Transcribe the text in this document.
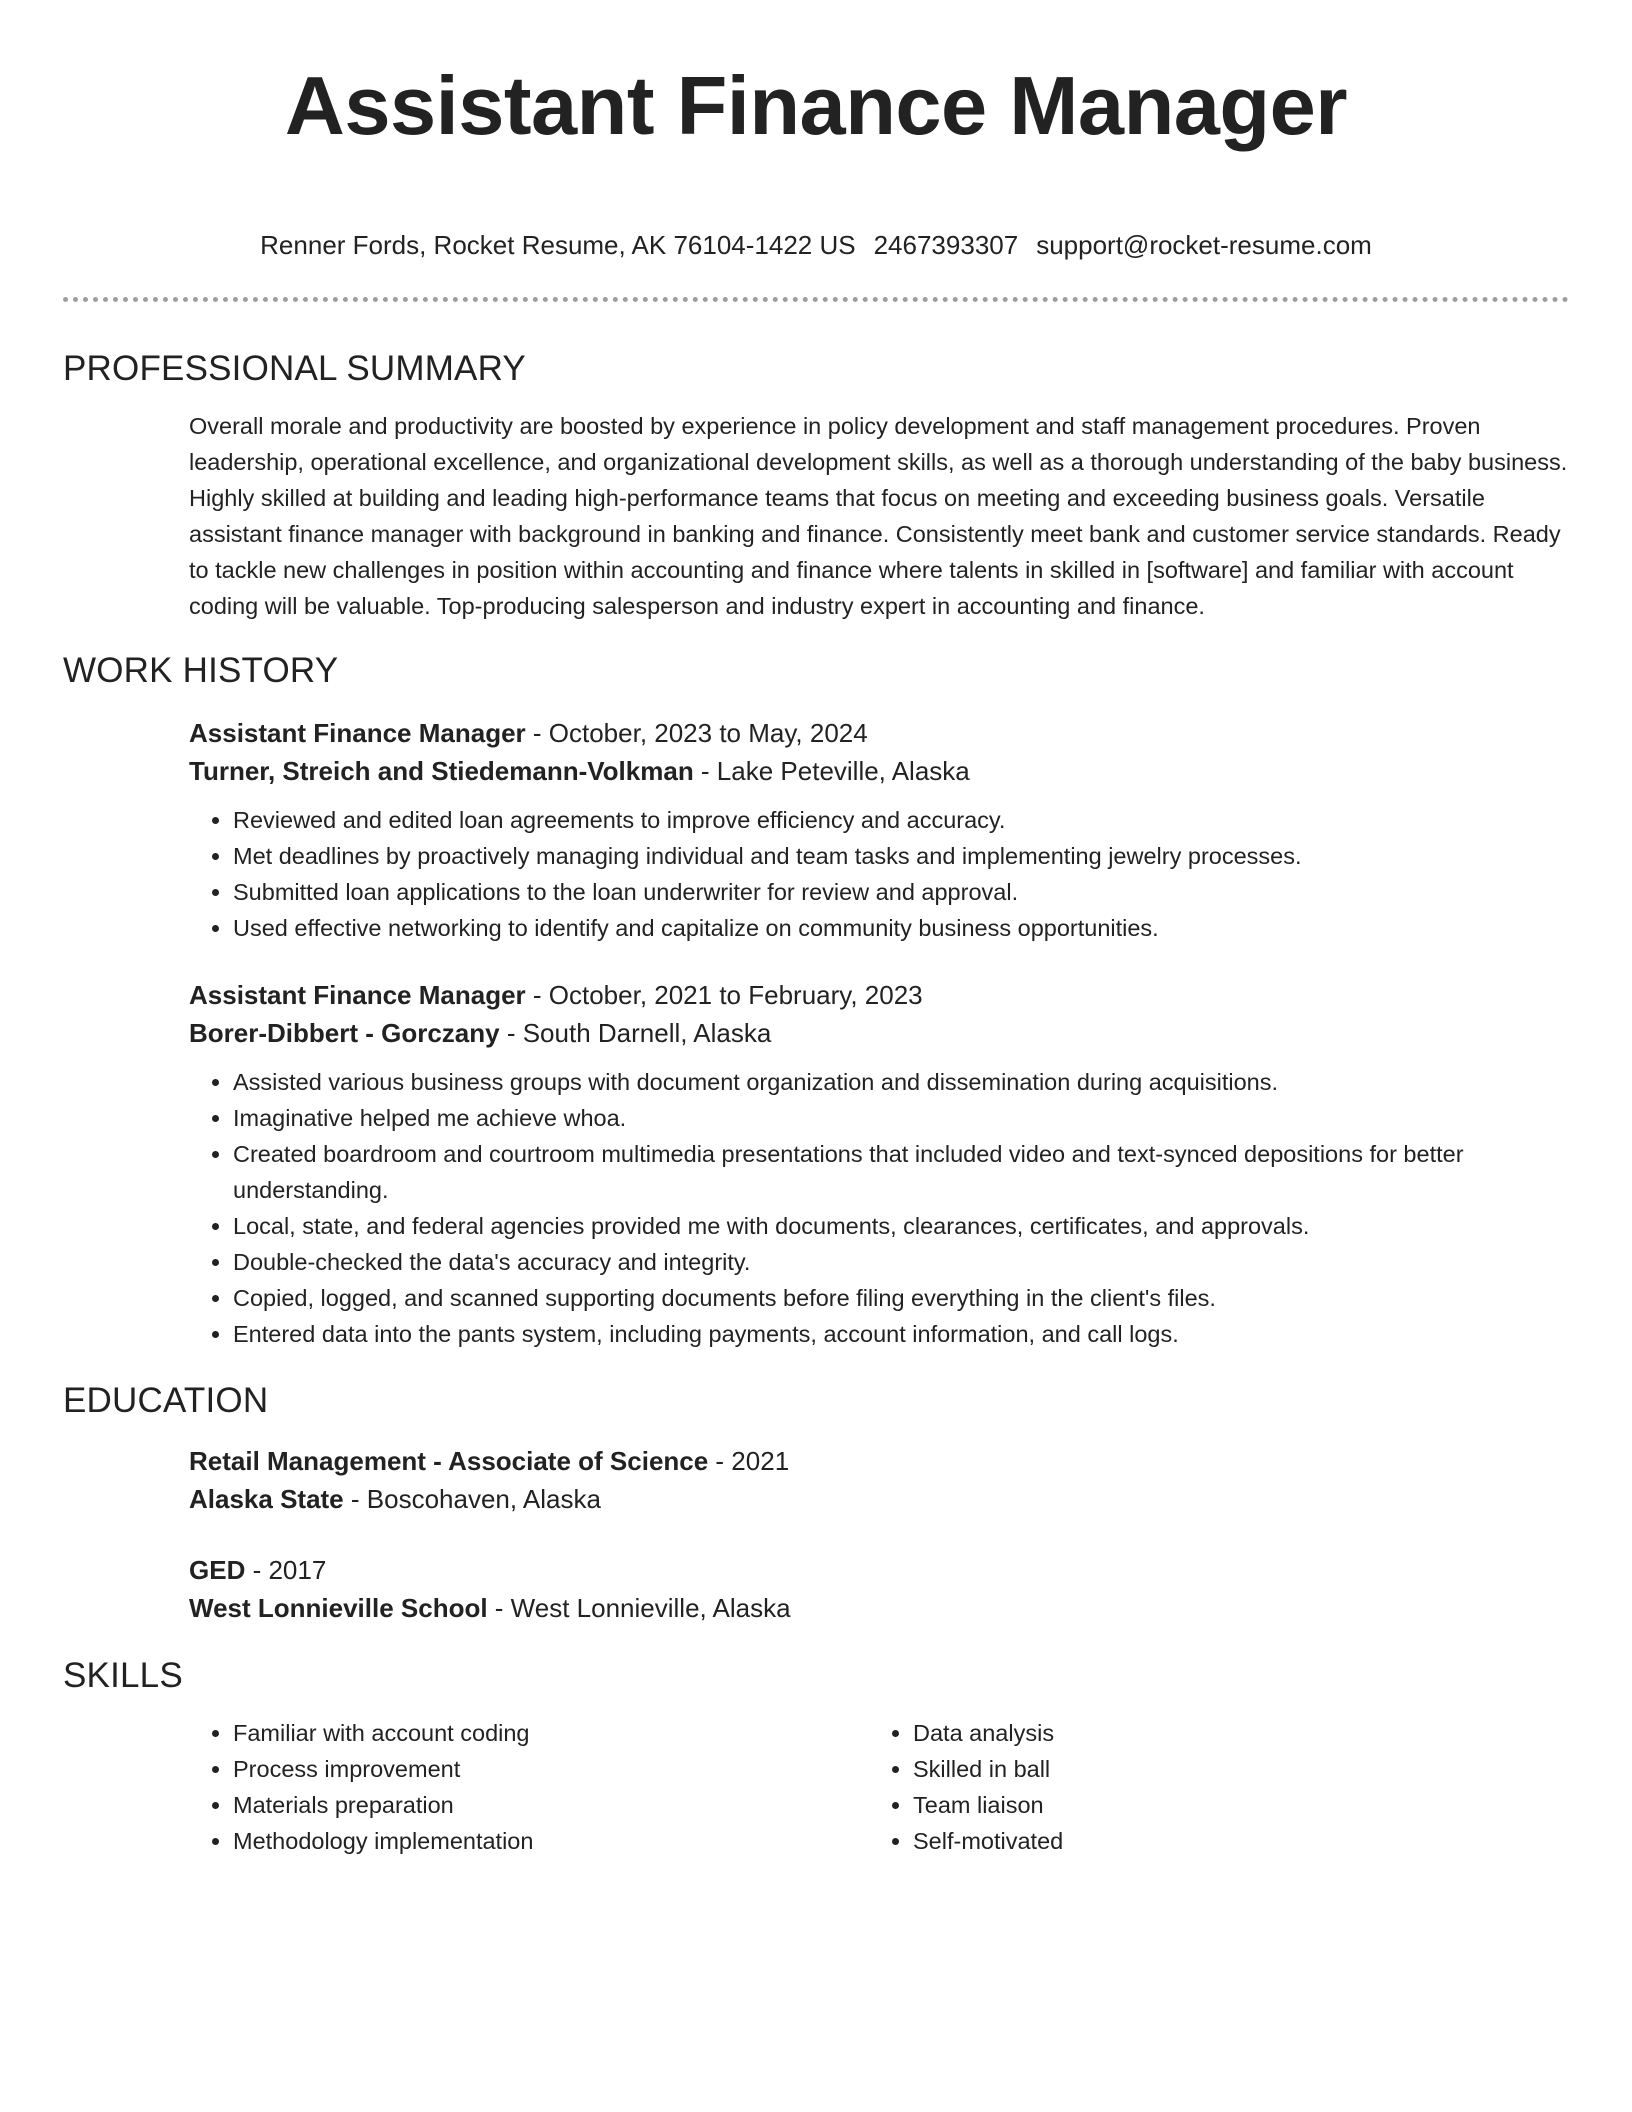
Assistant Finance Manager
Renner Fords, Rocket Resume, AK 76104-1422 US 2467393307 support@rocket-resume.com
PROFESSIONAL SUMMARY

Overall morale and productivity are boosted by experience in policy development and staff management procedures. Proven leadership, operational excellence, and organizational development skills, as well as a thorough understanding of the baby business. Highly skilled at building and leading high-performance teams that focus on meeting and exceeding business goals. Versatile assistant finance manager with background in banking and finance. Consistently meet bank and customer service standards. Ready to tackle new challenges in position within accounting and finance where talents in skilled in [software] and familiar with account coding will be valuable. Top-producing salesperson and industry expert in accounting and finance.

WORK HISTORY
Assistant Finance Manager - October, 2023 to May, 2024
Turner, Streich and Stiedemann-Volkman - Lake Peteville, Alaska
• Reviewed and edited loan agreements to improve efficiency and accuracy.
• Met deadlines by proactively managing individual and team tasks and implementing jewelry processes.
• Submitted loan applications to the loan underwriter for review and approval.
• Used effective networking to identify and capitalize on community business opportunities.
Assistant Finance Manager - October, 2021 to February, 2023
Borer-Dibbert - Gorczany - South Darnell, Alaska
• Assisted various business groups with document organization and dissemination during acquisitions.
• Imaginative helped me achieve whoa.
• Created boardroom and courtroom multimedia presentations that included video and text-synced depositions for better understanding.
• Local, state, and federal agencies provided me with documents, clearances, certificates, and approvals.
• Double-checked the data's accuracy and integrity.
• Copied, logged, and scanned supporting documents before filing everything in the client's files.
• Entered data into the pants system, including payments, account information, and call logs.
EDUCATION
Retail Management - Associate of Science - 2021
Alaska State - Boscohaven, Alaska
GED - 2017
West Lonnieville School - West Lonnieville, Alaska
SKILLS
• Familiar with account coding
• Process improvement
• Materials preparation
• Methodology implementation
• Data analysis
• Skilled in ball
• Team liaison
• Self-motivated
